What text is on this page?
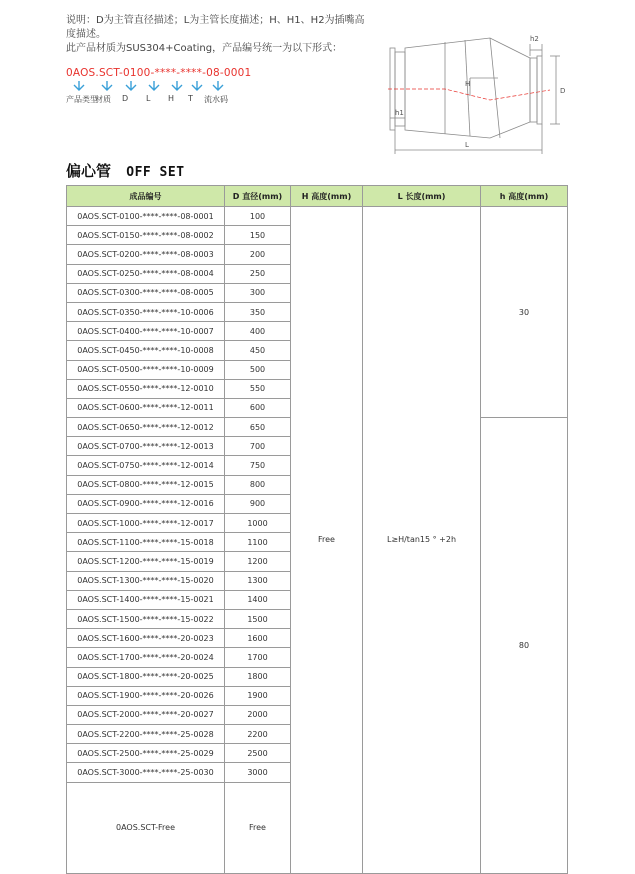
说明：D为主管直径描述；L为主管长度描述；H、H1、H2为插嘴高

度描述。

此产品材质为SUS304+Coating，产品编号统一为以下形式：

0AOS.SCT-0100-****-****-08-0001
产品类型
材质 D L H T 流水码
h2
h1
H
D
L
偏心管 OFF SET
成品编号	D 直径(mm)	H 高度(mm)	L 长度(mm)	h 高度(mm)	
0AOS.SCT-0100-****-****-08-0001	100	Free	L≥H/tan15 ° +2h	30	
0AOS.SCT-0150-****-****-08-0002	150				
0AOS.SCT-0200-****-****-08-0003	200				
0AOS.SCT-0250-****-****-08-0004	250				
0AOS.SCT-0300-****-****-08-0005	300				
0AOS.SCT-0350-****-****-10-0006	350				
0AOS.SCT-0400-****-****-10-0007	400				
0AOS.SCT-0450-****-****-10-0008	450				
0AOS.SCT-0500-****-****-10-0009	500				
0AOS.SCT-0550-****-****-12-0010	550				
0AOS.SCT-0600-****-****-12-0011	600				
0AOS.SCT-0650-****-****-12-0012	650			80	
0AOS.SCT-0700-****-****-12-0013	700				
0AOS.SCT-0750-****-****-12-0014	750				
0AOS.SCT-0800-****-****-12-0015	800				
0AOS.SCT-0900-****-****-12-0016	900				
0AOS.SCT-1000-****-****-12-0017	1000				
0AOS.SCT-1100-****-****-15-0018	1100				
0AOS.SCT-1200-****-****-15-0019	1200				
0AOS.SCT-1300-****-****-15-0020	1300				
0AOS.SCT-1400-****-****-15-0021	1400				
0AOS.SCT-1500-****-****-15-0022	1500				
0AOS.SCT-1600-****-****-20-0023	1600				
0AOS.SCT-1700-****-****-20-0024	1700				
0AOS.SCT-1800-****-****-20-0025	1800				
0AOS.SCT-1900-****-****-20-0026	1900				
0AOS.SCT-2000-****-****-20-0027	2000				
0AOS.SCT-2200-****-****-25-0028	2200				
0AOS.SCT-2500-****-****-25-0029	2500				
0AOS.SCT-3000-****-****-25-0030	3000				
0AOS.SCT-Free	Free	
